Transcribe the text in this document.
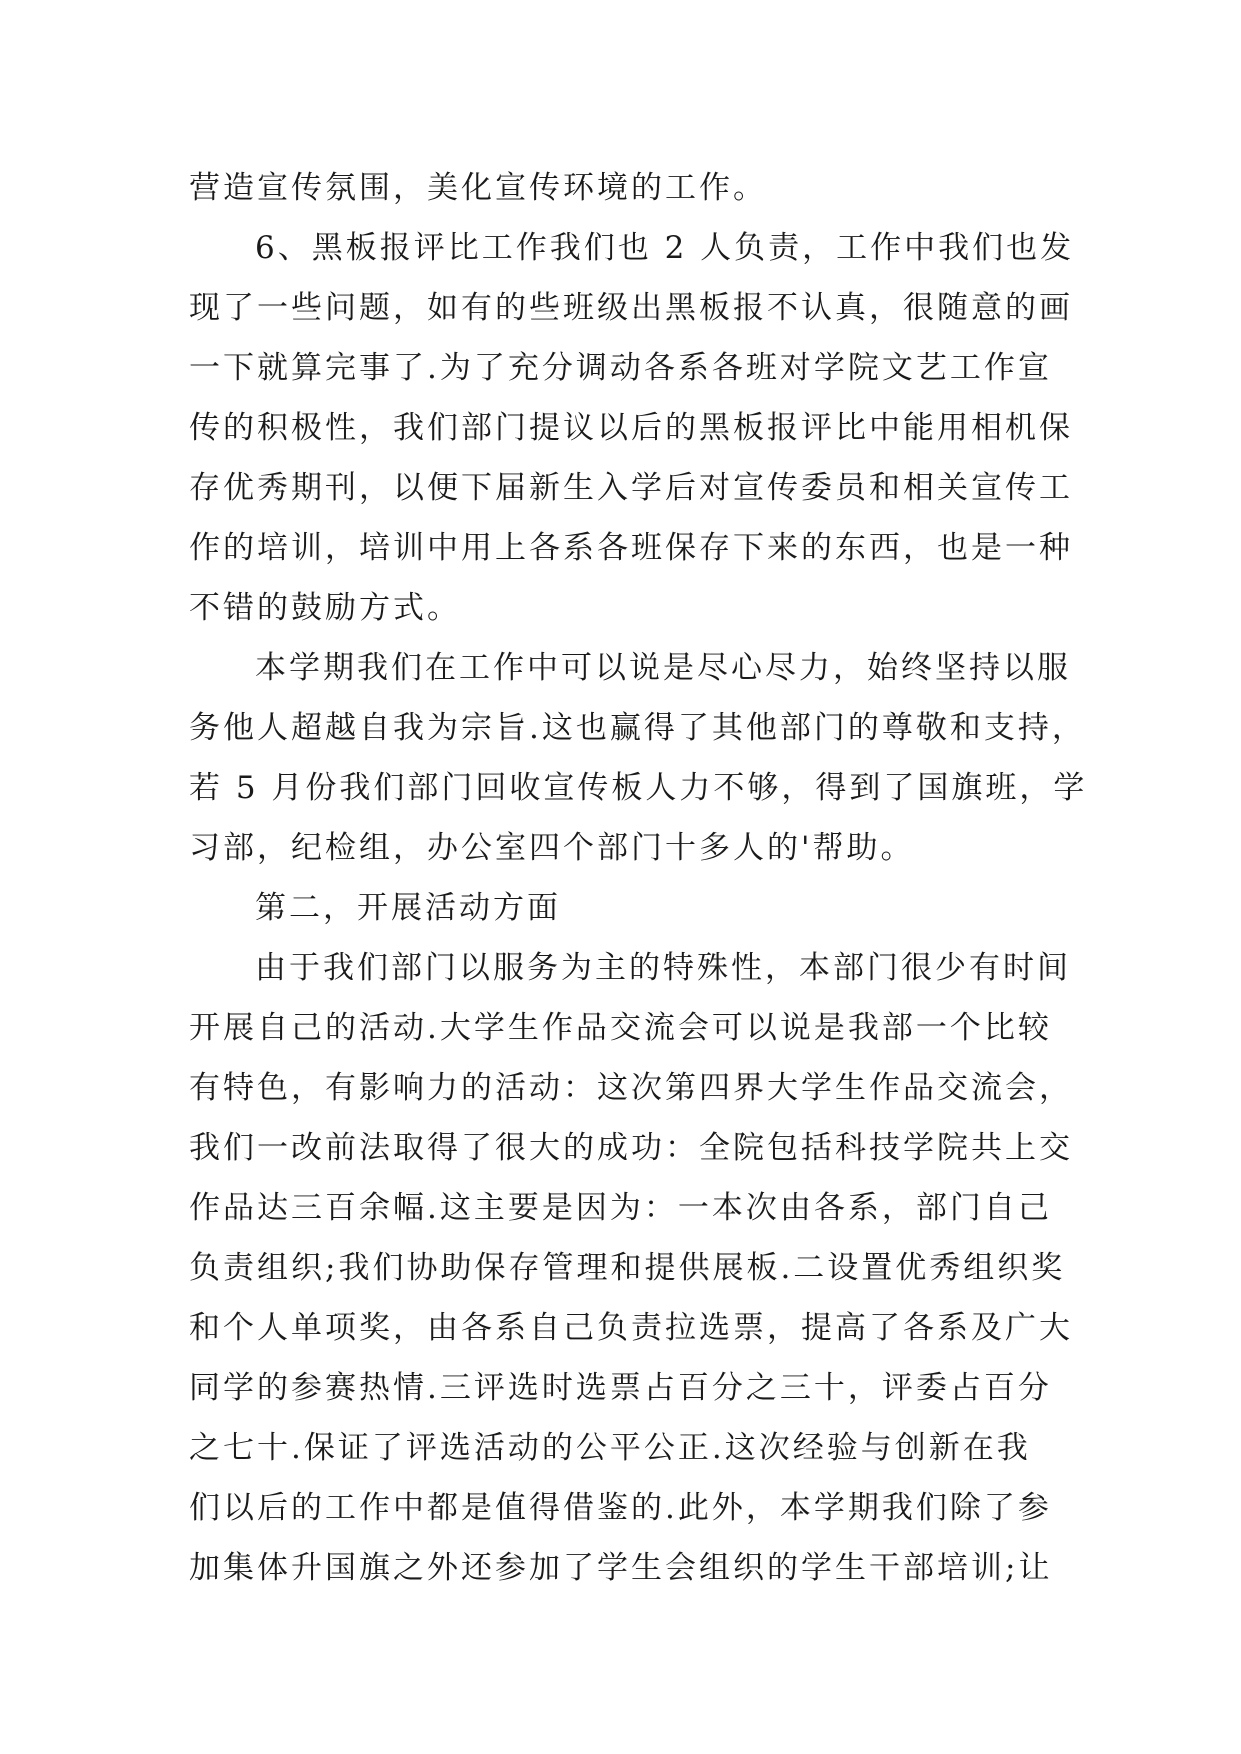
营造宣传氛围，美化宣传环境的工作。
6、黑板报评比工作我们也 2 人负责，工作中我们也发
现了一些问题，如有的些班级出黑板报不认真，很随意的画
一下就算完事了.为了充分调动各系各班对学院文艺工作宣
传的积极性，我们部门提议以后的黑板报评比中能用相机保
存优秀期刊，以便下届新生入学后对宣传委员和相关宣传工
作的培训，培训中用上各系各班保存下来的东西，也是一种
不错的鼓励方式。
本学期我们在工作中可以说是尽心尽力，始终坚持以服
务他人超越自我为宗旨.这也赢得了其他部门的尊敬和支持，
若 5 月份我们部门回收宣传板人力不够，得到了国旗班，学
习部，纪检组，办公室四个部门十多人的'帮助。
第二，开展活动方面
由于我们部门以服务为主的特殊性，本部门很少有时间
开展自己的活动.大学生作品交流会可以说是我部一个比较
有特色，有影响力的活动：这次第四界大学生作品交流会，
我们一改前法取得了很大的成功：全院包括科技学院共上交
作品达三百余幅.这主要是因为：一本次由各系，部门自己
负责组织;我们协助保存管理和提供展板.二设置优秀组织奖
和个人单项奖，由各系自己负责拉选票，提高了各系及广大
同学的参赛热情.三评选时选票占百分之三十，评委占百分
之七十.保证了评选活动的公平公正.这次经验与创新在我
们以后的工作中都是值得借鉴的.此外，本学期我们除了参
加集体升国旗之外还参加了学生会组织的学生干部培训;让
